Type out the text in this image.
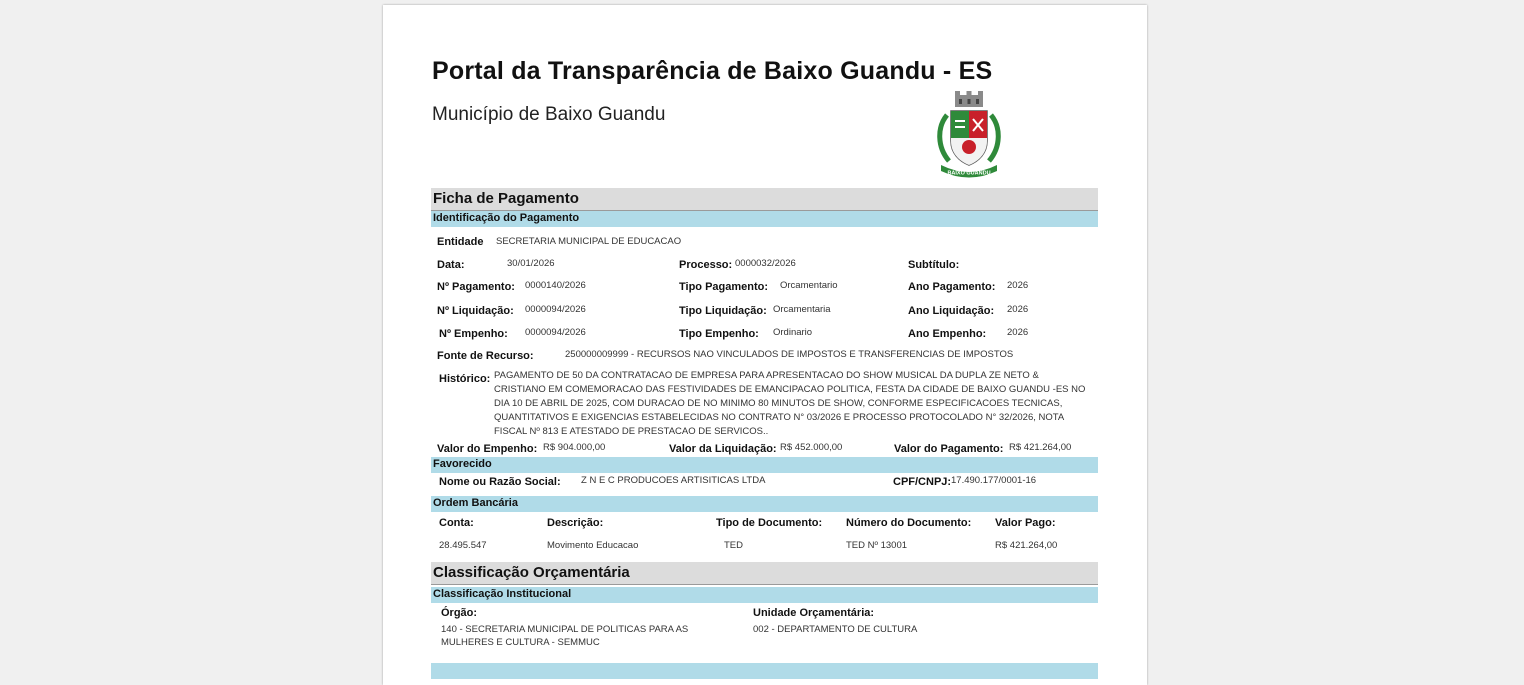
Portal da Transparência de Baixo Guandu - ES
Município de Baixo Guandu
BAIXO GUANDU
Ficha de Pagamento
Identificação do Pagamento
Entidade SECRETARIA MUNICIPAL DE EDUCACAO
Data:	30/01/2026	Processo: 0000032/2026	Subtítulo:
Nº Pagamento: 0000140/2026	Tipo Pagamento: Orcamentario	Ano Pagamento: 2026
Nº Liquidação: 0000094/2026	Tipo Liquidação: Orcamentaria	Ano Liquidação: 2026
Nº Empenho: 0000094/2026	Tipo Empenho: Ordinario	Ano Empenho: 2026
Fonte de Recurso:	250000009999 - RECURSOS NAO VINCULADOS DE IMPOSTOS E TRANSFERENCIAS DE IMPOSTOS
Histórico: PAGAMENTO DE 50 DA CONTRATACAO DE EMPRESA PARA APRESENTACAO DO SHOW MUSICAL DA DUPLA ZE NETO & CRISTIANO EM COMEMORACAO DAS FESTIVIDADES DE EMANCIPACAO POLITICA, FESTA DA CIDADE DE BAIXO GUANDU -ES NO DIA 10 DE ABRIL DE 2025, COM DURACAO DE NO MINIMO 80 MINUTOS DE SHOW, CONFORME ESPECIFICACOES TECNICAS, QUANTITATIVOS E EXIGENCIAS ESTABELECIDAS NO CONTRATO N° 03/2026 E PROCESSO PROTOCOLADO N° 32/2026, NOTA FISCAL Nº 813 E ATESTADO DE PRESTACAO DE SERVICOS..
Valor do Empenho: R$ 904.000,00	Valor da Liquidação: R$ 452.000,00	Valor do Pagamento: R$ 421.264,00
Favorecido
Nome ou Razão Social: Z N E C PRODUCOES ARTISITICAS LTDA	CPF/CNPJ: 17.490.177/0001-16
Ordem Bancária
Conta:	Descrição:	Tipo de Documento: Número do Documento: Valor Pago:
28.495.547	Movimento Educacao	TED	TED Nº 13001	R$ 421.264,00
Classificação Orçamentária
Classificação Institucional
Órgão:
140 - SECRETARIA MUNICIPAL DE POLITICAS PARA AS MULHERES E CULTURA - SEMMUC
Unidade Orçamentária:
002 - DEPARTAMENTO DE CULTURA
